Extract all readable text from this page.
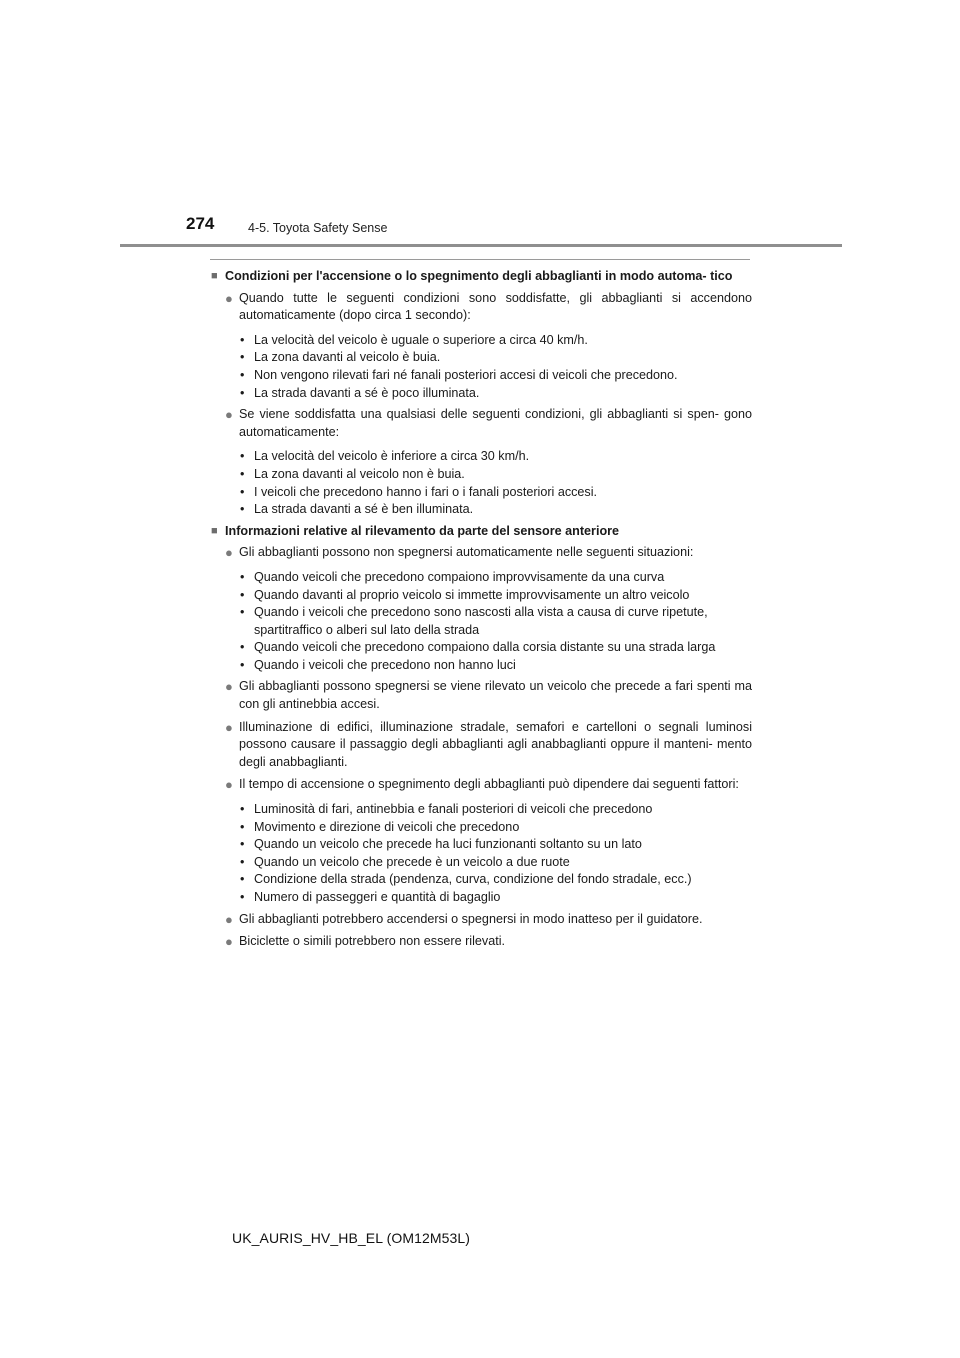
274	4-5. Toyota Safety Sense
■ Condizioni per l'accensione o lo spegnimento degli abbaglianti in modo automa- tico
● Quando tutte le seguenti condizioni sono soddisfatte, gli abbaglianti si accendono automaticamente (dopo circa 1 secondo):
• La velocità del veicolo è uguale o superiore a circa 40 km/h.
• La zona davanti al veicolo è buia.
• Non vengono rilevati fari né fanali posteriori accesi di veicoli che precedono.
• La strada davanti a sé è poco illuminata.
● Se viene soddisfatta una qualsiasi delle seguenti condizioni, gli abbaglianti si spen- gono automaticamente:
• La velocità del veicolo è inferiore a circa 30 km/h.
• La zona davanti al veicolo non è buia.
• I veicoli che precedono hanno i fari o i fanali posteriori accesi.
• La strada davanti a sé è ben illuminata.
■ Informazioni relative al rilevamento da parte del sensore anteriore
● Gli abbaglianti possono non spegnersi automaticamente nelle seguenti situazioni:
• Quando veicoli che precedono compaiono improvvisamente da una curva
• Quando davanti al proprio veicolo si immette improvvisamente un altro veicolo
• Quando i veicoli che precedono sono nascosti alla vista a causa di curve ripetute, spartitraffico o alberi sul lato della strada
• Quando veicoli che precedono compaiono dalla corsia distante su una strada larga
• Quando i veicoli che precedono non hanno luci
● Gli abbaglianti possono spegnersi se viene rilevato un veicolo che precede a fari spenti ma con gli antinebbia accesi.
● Illuminazione di edifici, illuminazione stradale, semafori e cartelloni o segnali luminosi possono causare il passaggio degli abbaglianti agli anabbaglianti oppure il manteni- mento degli anabbaglianti.
● Il tempo di accensione o spegnimento degli abbaglianti può dipendere dai seguenti fattori:
• Luminosità di fari, antinebbia e fanali posteriori di veicoli che precedono
• Movimento e direzione di veicoli che precedono
• Quando un veicolo che precede ha luci funzionanti soltanto su un lato
• Quando un veicolo che precede è un veicolo a due ruote
• Condizione della strada (pendenza, curva, condizione del fondo stradale, ecc.)
• Numero di passeggeri e quantità di bagaglio
● Gli abbaglianti potrebbero accendersi o spegnersi in modo inatteso per il guidatore.
● Biciclette o simili potrebbero non essere rilevati.
UK_AURIS_HV_HB_EL (OM12M53L)
